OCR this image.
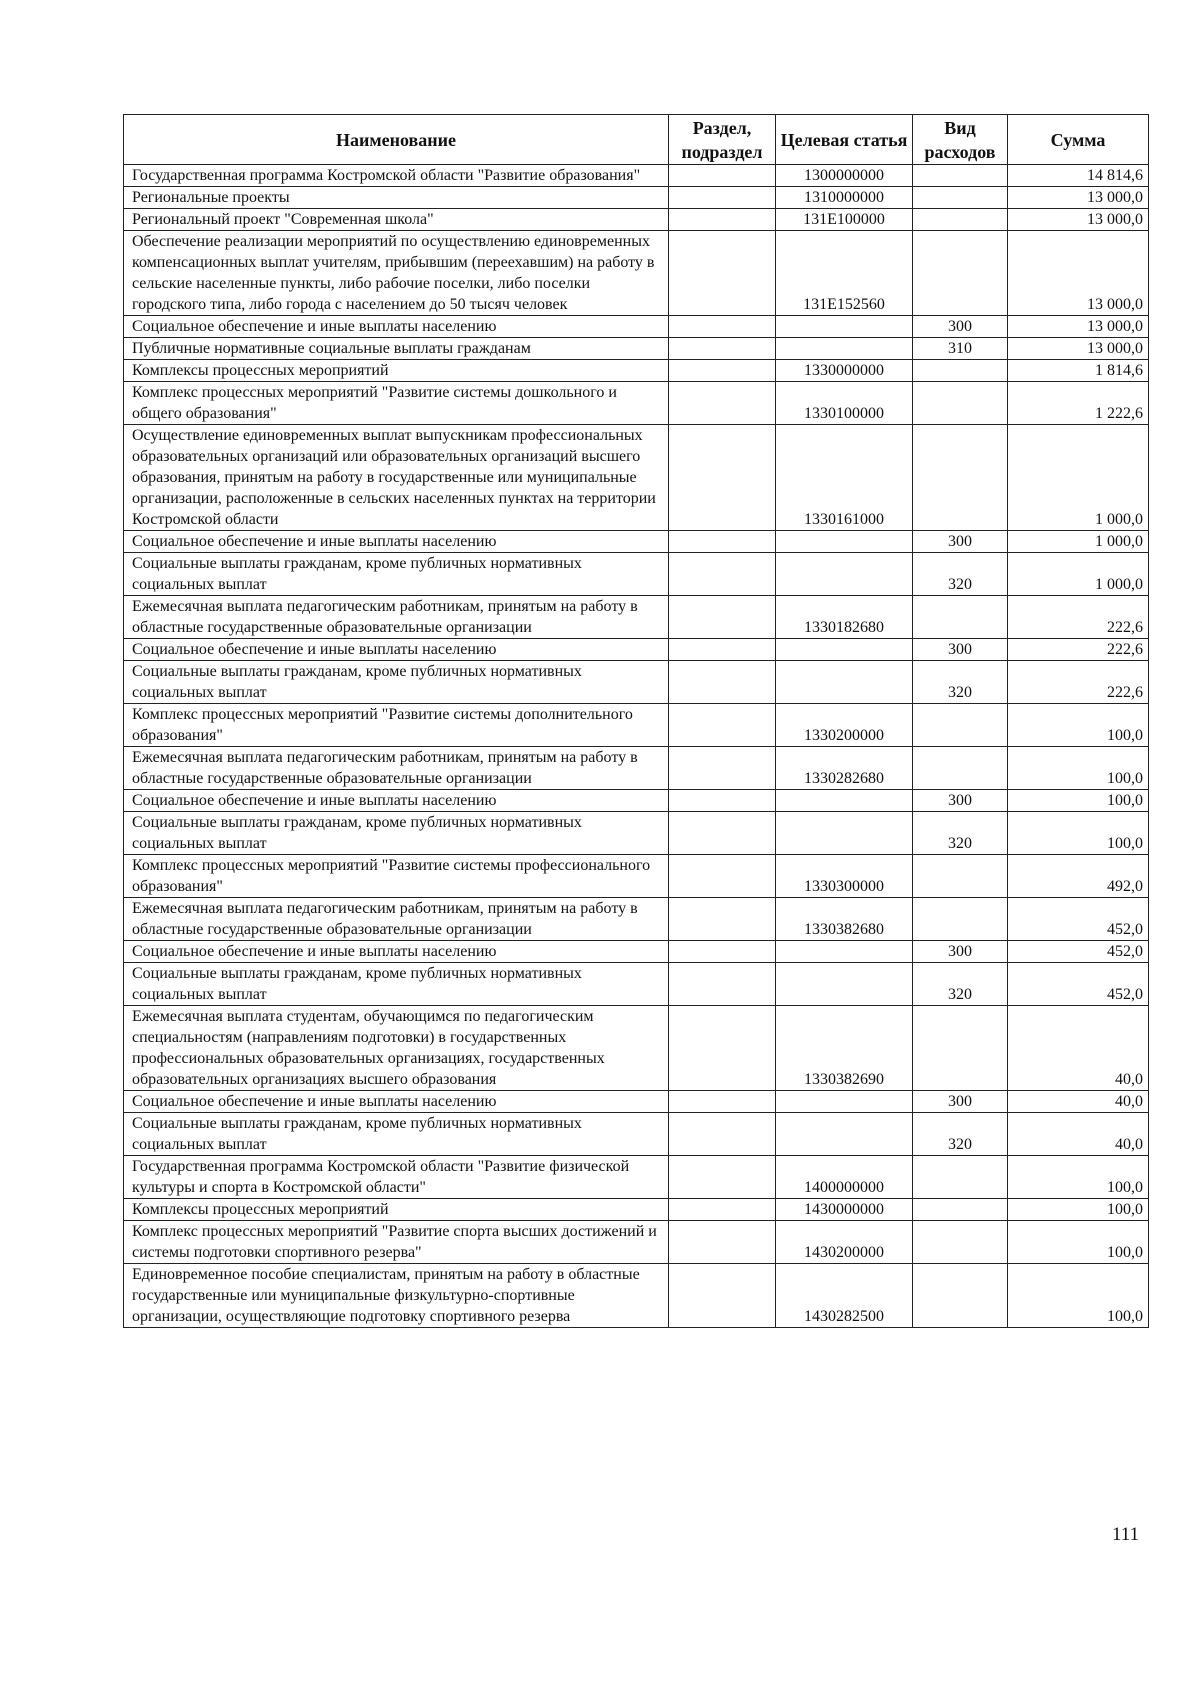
Наименование	Раздел, подраздел	Целевая статья	Вид расходов	Сумма
Государственная программа Костромской области "Развитие образования"		1300000000		14 814,6
Региональные проекты		1310000000		13 000,0
Региональный проект "Современная школа"		131Е100000		13 000,0
Обеспечение реализации мероприятий по осуществлению единовременных компенсационных выплат учителям, прибывшим (переехавшим) на работу в сельские населенные пункты, либо рабочие поселки, либо поселки городского типа, либо города с населением до 50 тысяч человек		131Е152560		13 000,0
Социальное обеспечение и иные выплаты населению			300	13 000,0
Публичные нормативные социальные выплаты гражданам			310	13 000,0
Комплексы процессных мероприятий		1330000000		1 814,6
Комплекс процессных мероприятий "Развитие системы дошкольного и общего образования"		1330100000		1 222,6
Осуществление единовременных выплат выпускникам профессиональных образовательных организаций или образовательных организаций высшего образования, принятым на работу в государственные или муниципальные организации, расположенные в сельских населенных пунктах на территории Костромской области		1330161000		1 000,0
Социальное обеспечение и иные выплаты населению			300	1 000,0
Социальные выплаты гражданам, кроме публичных нормативных социальных выплат			320	1 000,0
Ежемесячная выплата педагогическим работникам, принятым на работу в областные государственные образовательные организации		1330182680		222,6
Социальное обеспечение и иные выплаты населению			300	222,6
Социальные выплаты гражданам, кроме публичных нормативных социальных выплат			320	222,6
Комплекс процессных мероприятий "Развитие системы дополнительного образования"		1330200000		100,0
Ежемесячная выплата педагогическим работникам, принятым на работу в областные государственные образовательные организации		1330282680		100,0
Социальное обеспечение и иные выплаты населению			300	100,0
Социальные выплаты гражданам, кроме публичных нормативных социальных выплат			320	100,0
Комплекс процессных мероприятий "Развитие системы профессионального образования"		1330300000		492,0
Ежемесячная выплата педагогическим работникам, принятым на работу в областные государственные образовательные организации		1330382680		452,0
Социальное обеспечение и иные выплаты населению			300	452,0
Социальные выплаты гражданам, кроме публичных нормативных социальных выплат			320	452,0
Ежемесячная выплата студентам, обучающимся по педагогическим специальностям (направлениям подготовки) в государственных профессиональных образовательных организациях, государственных образовательных организациях высшего образования		1330382690		40,0
Социальное обеспечение и иные выплаты населению			300	40,0
Социальные выплаты гражданам, кроме публичных нормативных социальных выплат			320	40,0
Государственная программа Костромской области "Развитие физической культуры и спорта в Костромской области"		1400000000		100,0
Комплексы процессных мероприятий		1430000000		100,0
Комплекс процессных мероприятий "Развитие спорта высших достижений и системы подготовки спортивного резерва"		1430200000		100,0
Единовременное пособие специалистам, принятым на работу в областные государственные или муниципальные физкультурно-спортивные организации, осуществляющие подготовку спортивного резерва		1430282500		100,0
111
